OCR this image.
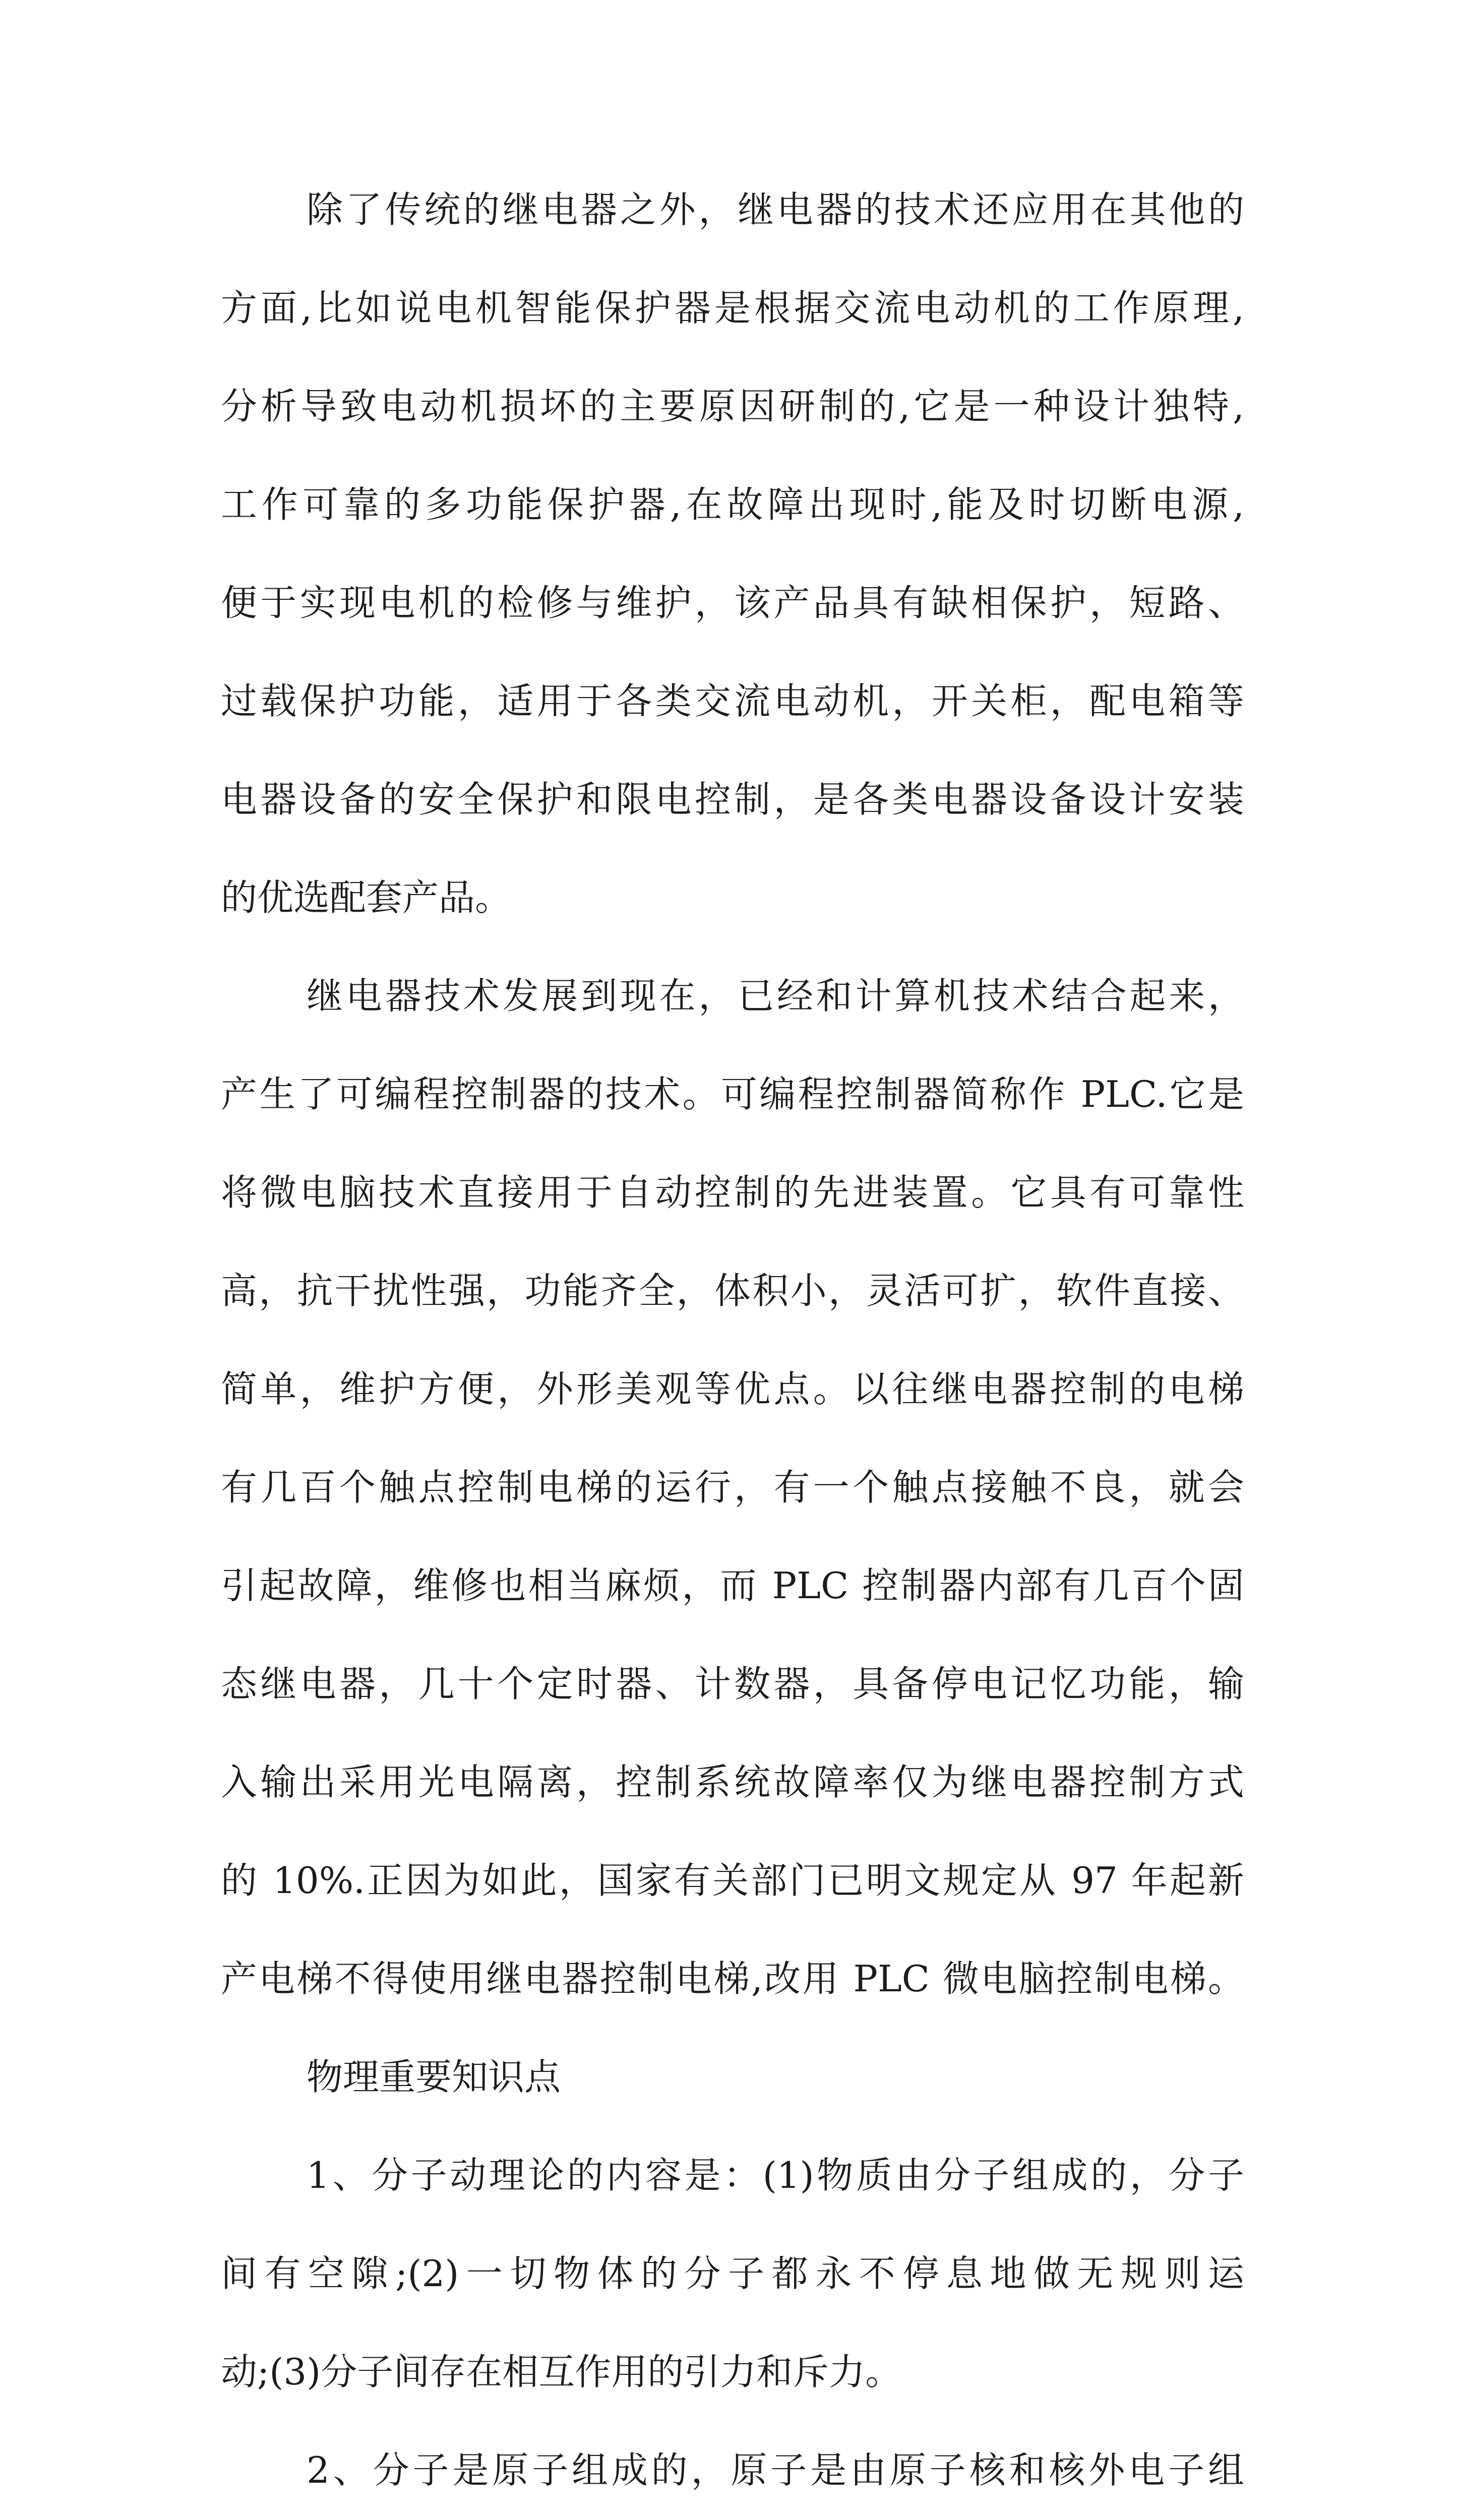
除了传统的继电器之外，继电器的技术还应用在其他的
方面,比如说电机智能保护器是根据交流电动机的工作原理,
分析导致电动机损坏的主要原因研制的,它是一种设计独特,
工作可靠的多功能保护器,在故障出现时,能及时切断电源,
便于实现电机的检修与维护，该产品具有缺相保护，短路、
过载保护功能，适用于各类交流电动机，开关柜，配电箱等
电器设备的安全保护和限电控制，是各类电器设备设计安装
的优选配套产品。
继电器技术发展到现在，已经和计算机技术结合起来，
产生了可编程控制器的技术。可编程控制器简称作 PLC.它是
将微电脑技术直接用于自动控制的先进装置。它具有可靠性
高，抗干扰性强，功能齐全，体积小，灵活可扩，软件直接、
简单，维护方便，外形美观等优点。以往继电器控制的电梯
有几百个触点控制电梯的运行，有一个触点接触不良，就会
引起故障，维修也相当麻烦，而 PLC 控制器内部有几百个固
态继电器，几十个定时器、计数器，具备停电记忆功能，输
入输出采用光电隔离，控制系统故障率仅为继电器控制方式
的 10%.正因为如此，国家有关部门已明文规定从 97 年起新
产电梯不得使用继电器控制电梯,改用 PLC 微电脑控制电梯。
物理重要知识点
1、分子动理论的内容是：(1)物质由分子组成的，分子
间有空隙;(2)一切物体的分子都永不停息地做无规则运
动;(3)分子间存在相互作用的引力和斥力。
2、分子是原子组成的，原子是由原子核和核外电子组
